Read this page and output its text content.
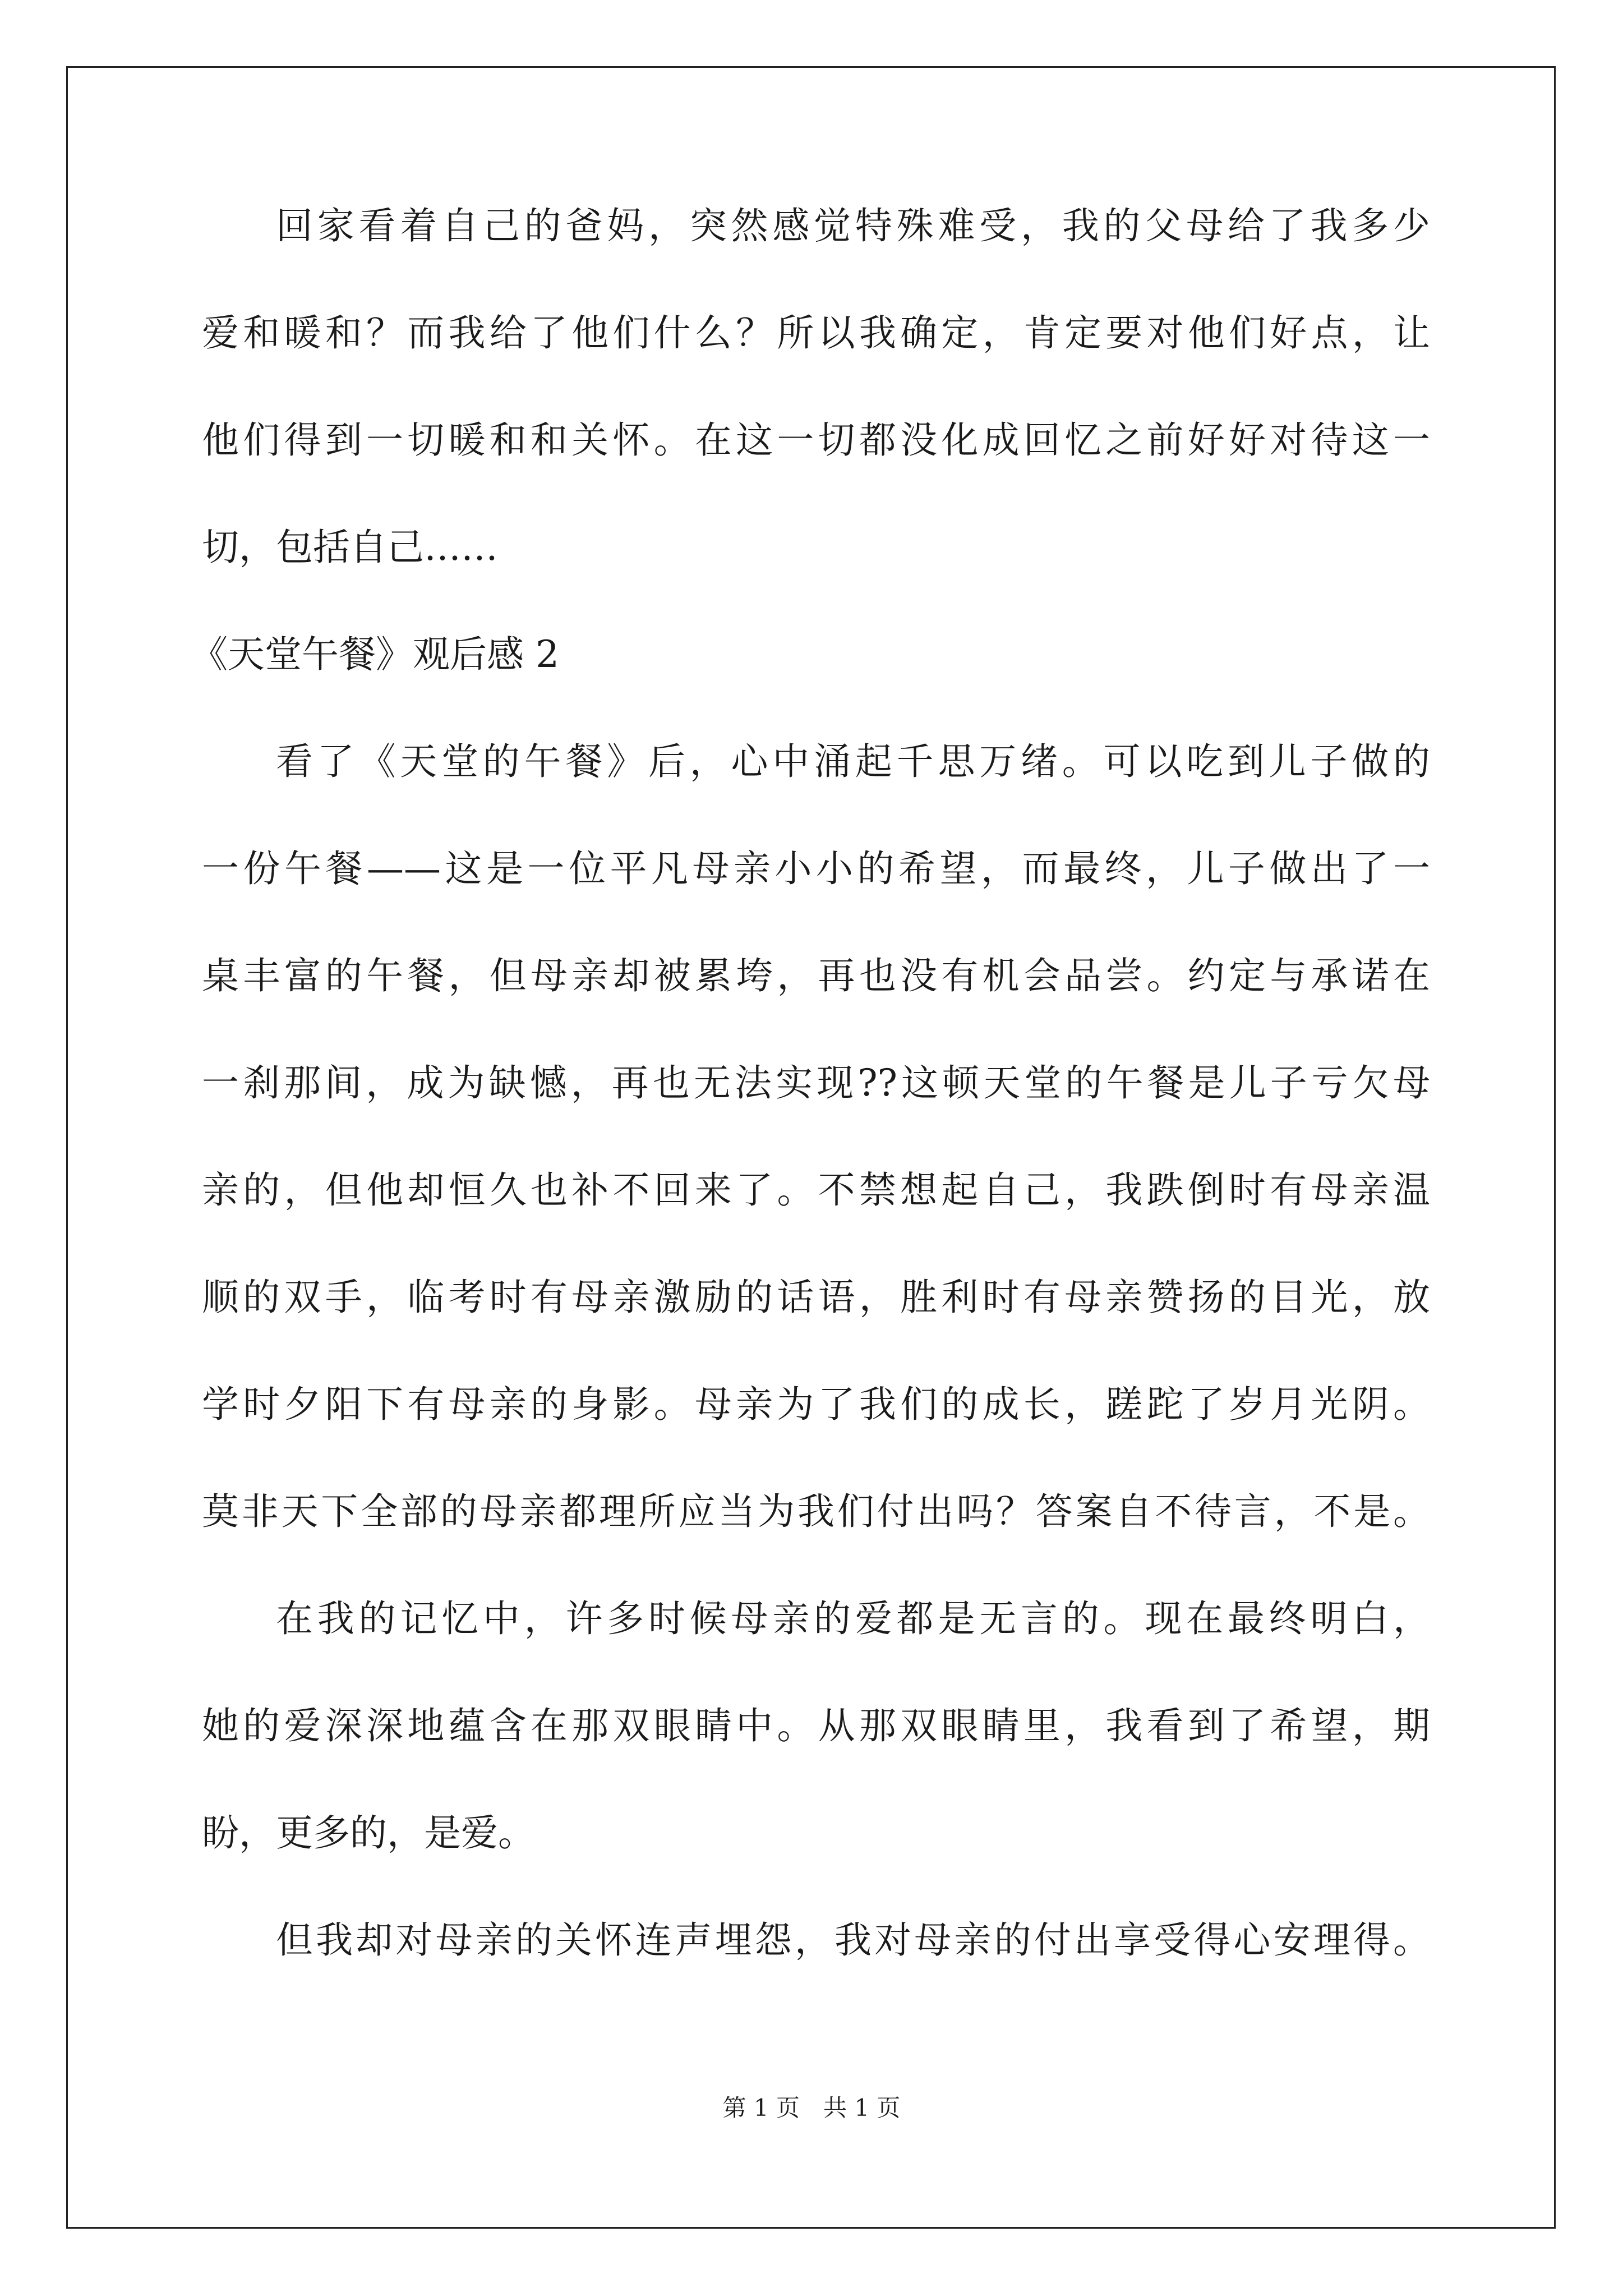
回家看着自己的爸妈，突然感觉特殊难受，我的父母给了我多少
爱和暖和？而我给了他们什么？所以我确定，肯定要对他们好点，让
他们得到一切暖和和关怀。在这一切都没化成回忆之前好好对待这一
切，包括自己……
《天堂午餐》观后感 2
看了《天堂的午餐》后，心中涌起千思万绪。可以吃到儿子做的
一份午餐——这是一位平凡母亲小小的希望，而最终，儿子做出了一
桌丰富的午餐，但母亲却被累垮，再也没有机会品尝。约定与承诺在
一刹那间，成为缺憾，再也无法实现??这顿天堂的午餐是儿子亏欠母
亲的，但他却恒久也补不回来了。不禁想起自己，我跌倒时有母亲温
顺的双手，临考时有母亲激励的话语，胜利时有母亲赞扬的目光，放
学时夕阳下有母亲的身影。母亲为了我们的成长，蹉跎了岁月光阴。
莫非天下全部的母亲都理所应当为我们付出吗？答案自不待言，不是。
在我的记忆中，许多时候母亲的爱都是无言的。现在最终明白，
她的爱深深地蕴含在那双眼睛中。从那双眼睛里，我看到了希望，期
盼，更多的，是爱。
但我却对母亲的关怀连声埋怨，我对母亲的付出享受得心安理得。
第 1 页　共 1 页
